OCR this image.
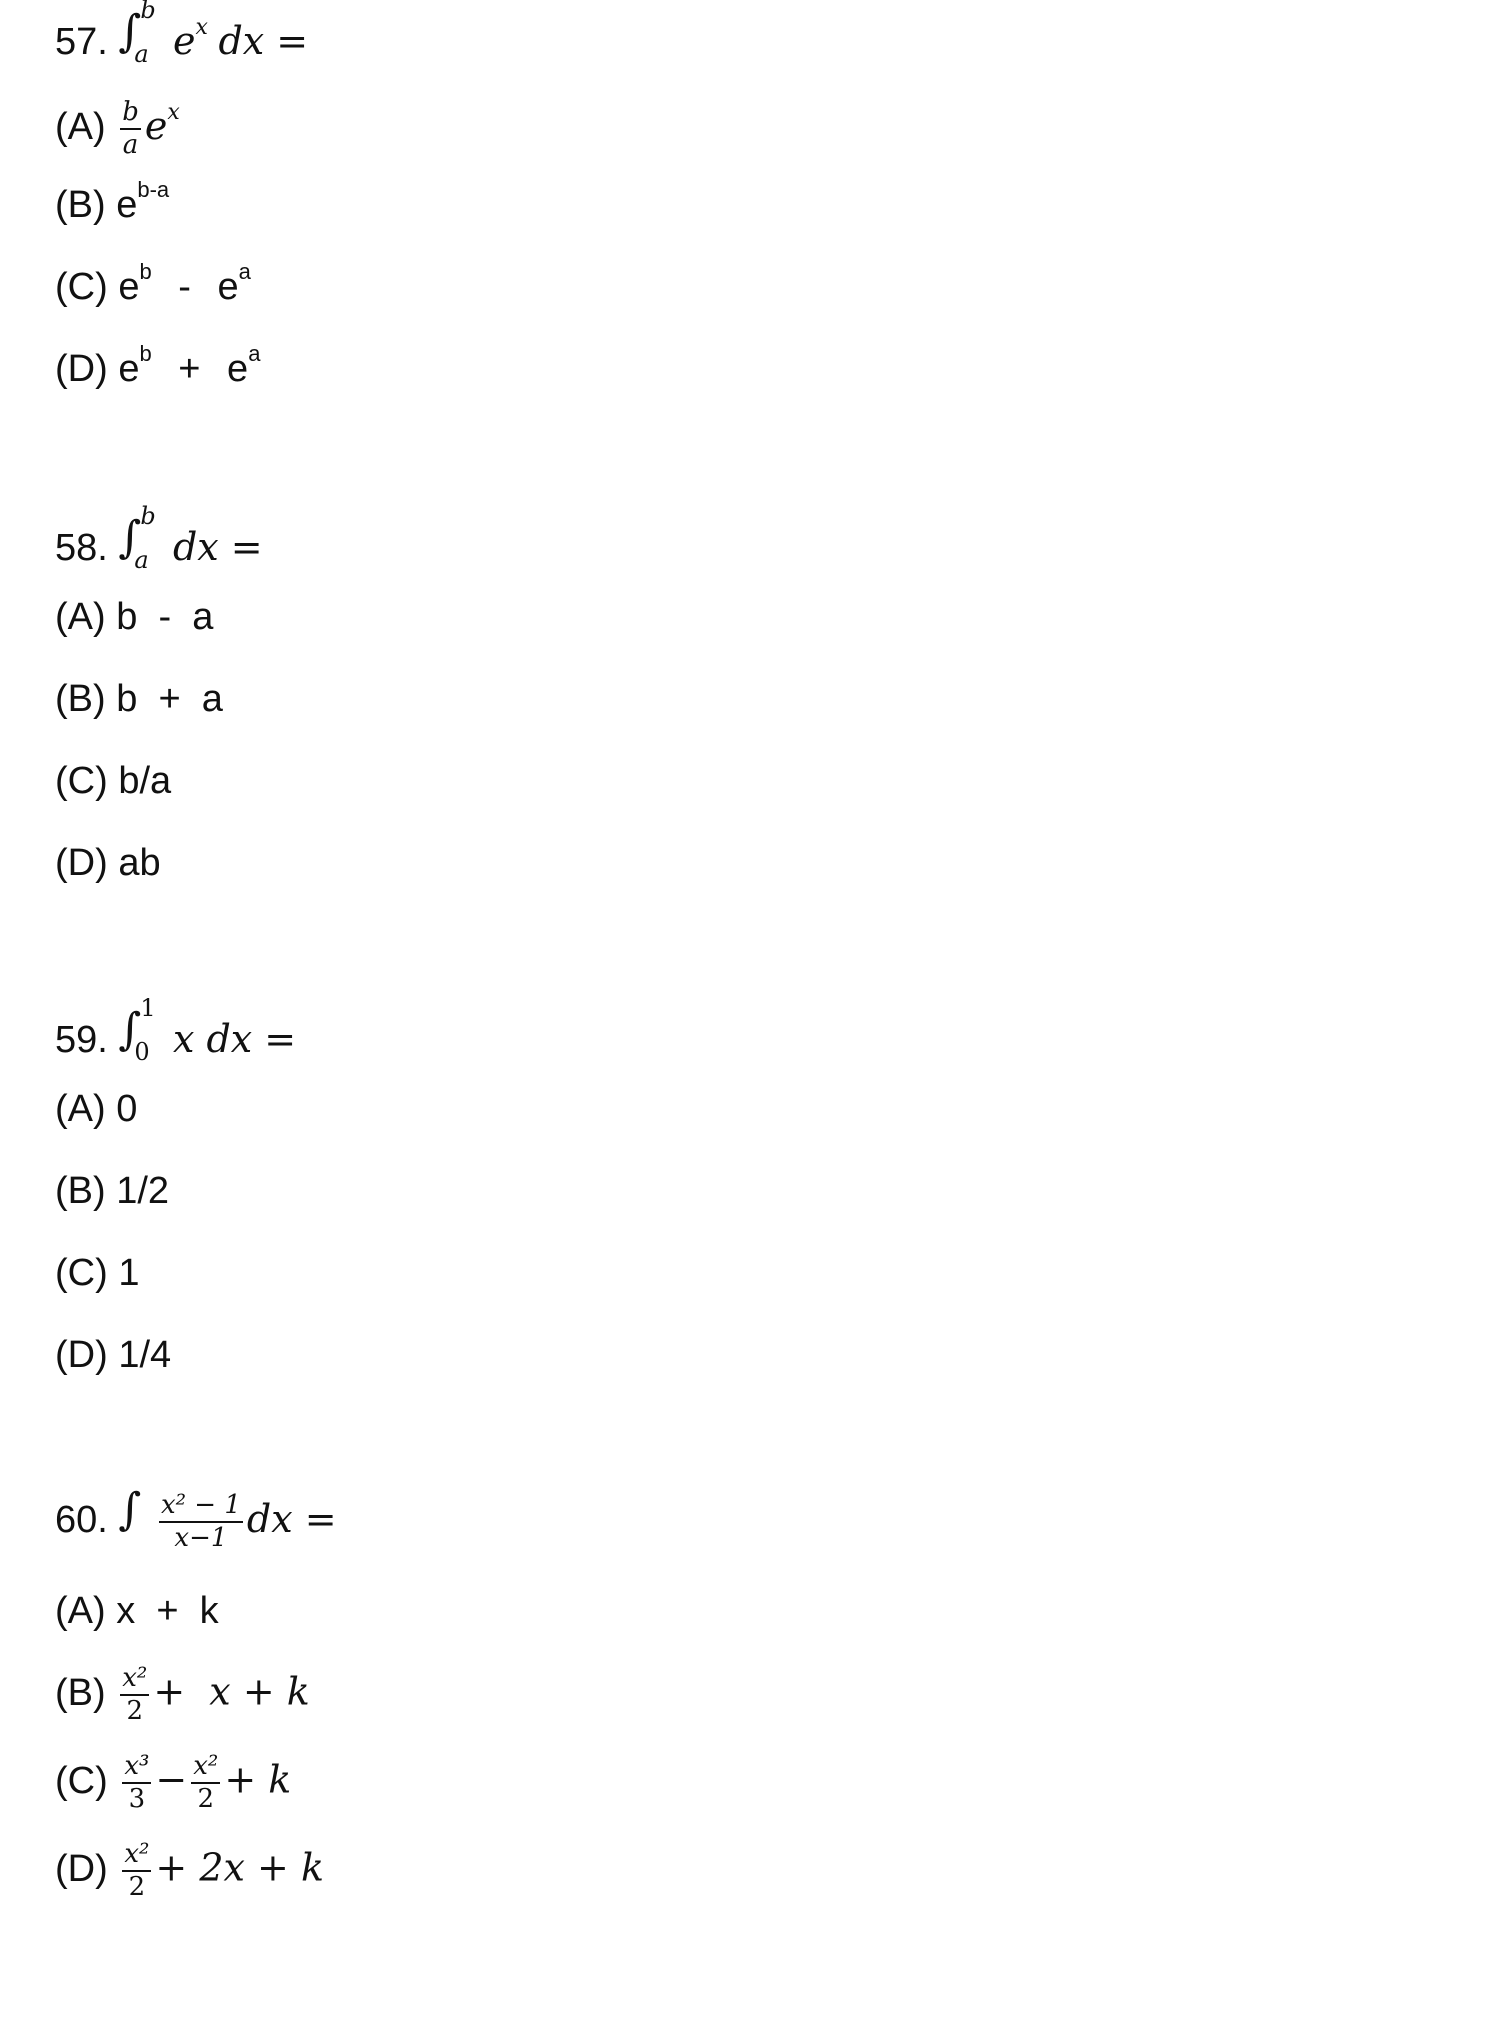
57. ∫ b
a $e^x$ dx =
$(A) \frac{b}{a} e^x$
(B) $e^{b-a}$
(C) $e^b - e^a$
(D) $e^b + e^a$
58. ∫ b
a dx =
(A) b  -  a
(B) b  +  a
(C) b/a
(D) ab
59. ∫ 1
0 x dx =
(A) 0
(B) 1/2
(C) 1
(D) 1/4
60. ∫
$\frac{\text{x² − 1}}{x-1}$ dx =
(A) x  +  k
$(B) \frac{\text{x²}}{2} + x + k$
$(C) \frac{\text{x³}}{3} - \frac{\text{x²}}{2} + k$
$(D) \frac{\text{x²}}{2} + 2x + k$
